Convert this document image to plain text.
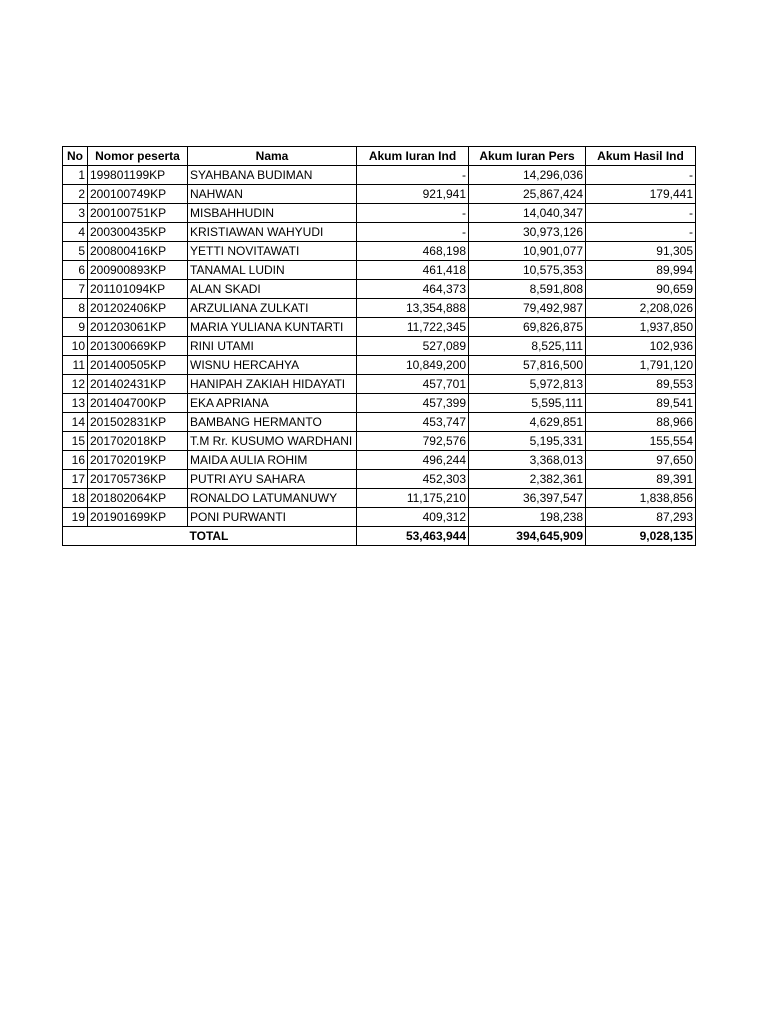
No	Nomor peserta	Nama	Akum Iuran Ind	Akum Iuran Pers	Akum Hasil Ind
1	199801199KP	SYAHBANA BUDIMAN	-	14,296,036	-
2	200100749KP	NAHWAN	921,941	25,867,424	179,441
3	200100751KP	MISBAHHUDIN	-	14,040,347	-
4	200300435KP	KRISTIAWAN WAHYUDI	-	30,973,126	-
5	200800416KP	YETTI NOVITAWATI	468,198	10,901,077	91,305
6	200900893KP	TANAMAL LUDIN	461,418	10,575,353	89,994
7	201101094KP	ALAN SKADI	464,373	8,591,808	90,659
8	201202406KP	ARZULIANA ZULKATI	13,354,888	79,492,987	2,208,026
9	201203061KP	MARIA YULIANA KUNTARTI	11,722,345	69,826,875	1,937,850
10	201300669KP	RINI UTAMI	527,089	8,525,111	102,936
11	201400505KP	WISNU HERCAHYA	10,849,200	57,816,500	1,791,120
12	201402431KP	HANIPAH ZAKIAH HIDAYATI	457,701	5,972,813	89,553
13	201404700KP	EKA APRIANA	457,399	5,595,111	89,541
14	201502831KP	BAMBANG HERMANTO	453,747	4,629,851	88,966
15	201702018KP	T.M Rr. KUSUMO WARDHANI	792,576	5,195,331	155,554
16	201702019KP	MAIDA AULIA ROHIM	496,244	3,368,013	97,650
17	201705736KP	PUTRI AYU SAHARA	452,303	2,382,361	89,391
18	201802064KP	RONALDO LATUMANUWY	11,175,210	36,397,547	1,838,856
19	201901699KP	PONI PURWANTI	409,312	198,238	87,293
		TOTAL	53,463,944	394,645,909	9,028,135
